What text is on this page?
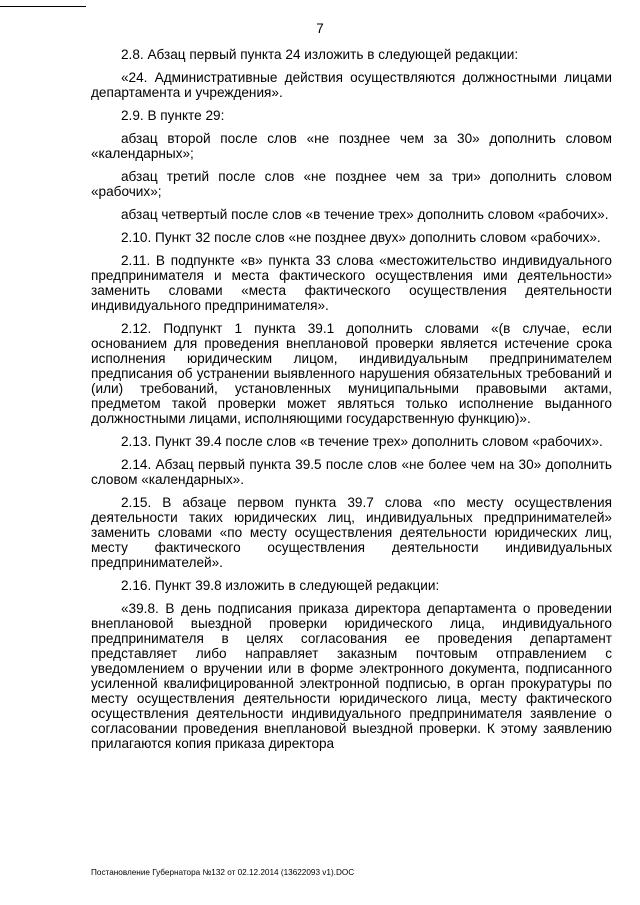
7

2.8. Абзац первый пункта 24 изложить в следующей редакции:

«24. Административные действия осуществляются должностными лицами департамента и учреждения».

2.9. В пункте 29:

абзац второй после слов «не позднее чем за 30» дополнить словом «календарных»;

абзац третий после слов «не позднее чем за три» дополнить словом «рабочих»;

абзац четвертый после слов «в течение трех» дополнить словом «рабочих».

2.10. Пункт 32 после слов «не позднее двух» дополнить словом «рабочих».

2.11. В подпункте «в» пункта 33 слова «местожительство индивидуального предпринимателя и места фактического осуществления ими деятельности» заменить словами «места фактического осуществления деятельности индивидуального предпринимателя».

2.12. Подпункт 1 пункта 39.1 дополнить словами «(в случае, если основанием для проведения внеплановой проверки является истечение срока исполнения юридическим лицом, индивидуальным предпринимателем предписания об устранении выявленного нарушения обязательных требований и (или) требований, установленных муниципальными правовыми актами, предметом такой проверки может являться только исполнение выданного должностными лицами, исполняющими государственную функцию)».

2.13. Пункт 39.4 после слов «в течение трех» дополнить словом «рабочих».

2.14. Абзац первый пункта 39.5 после слов «не более чем на 30» дополнить словом «календарных».

2.15. В абзаце первом пункта 39.7 слова «по месту осуществления деятельности таких юридических лиц, индивидуальных предпринимателей» заменить словами «по месту осуществления деятельности юридических лиц, месту фактического осуществления деятельности индивидуальных предпринимателей».

2.16. Пункт 39.8 изложить в следующей редакции:

«39.8. В день подписания приказа директора департамента о проведении внеплановой выездной проверки юридического лица, индивидуального предпринимателя в целях согласования ее проведения департамент представляет либо направляет заказным почтовым отправлением с уведомлением о вручении или в форме электронного документа, подписанного усиленной квалифицированной электронной подписью, в орган прокуратуры по месту осуществления деятельности юридического лица, месту фактического осуществления деятельности индивидуального предпринимателя заявление о согласовании проведения внеплановой выездной проверки. К этому заявлению прилагаются копия приказа директора

Постановление Губернатора №132 от 02.12.2014 (13622093 v1).DOC
